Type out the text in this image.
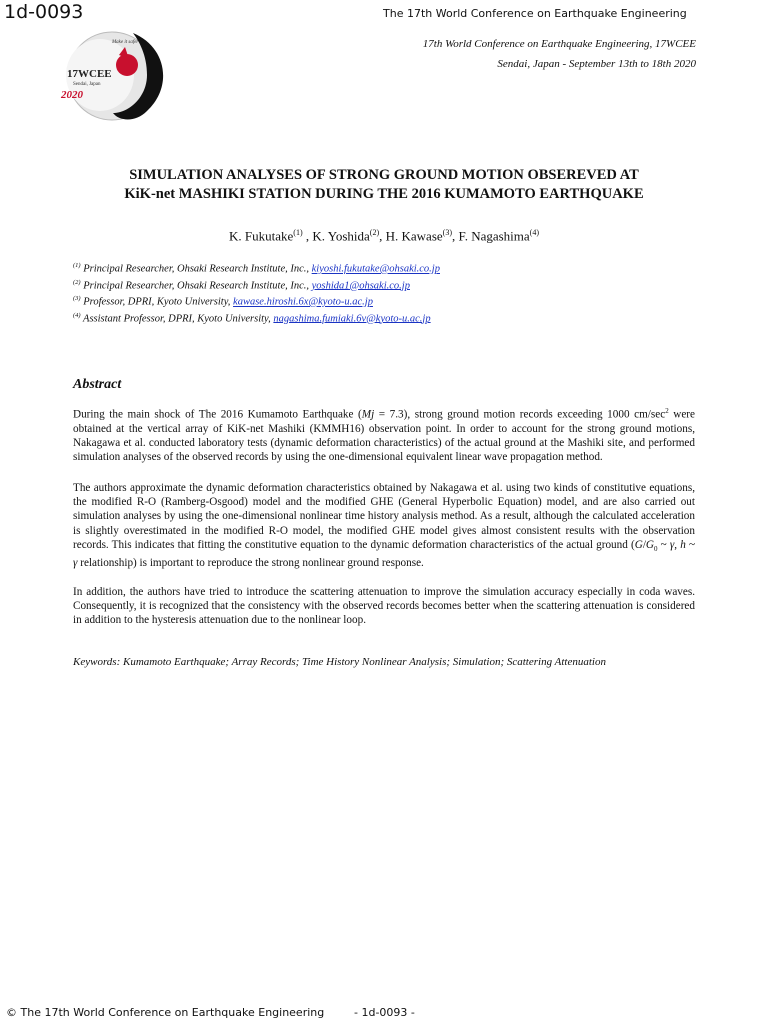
1d-0093	The 17th World Conference on Earthquake Engineering
Make it safer
17WCEE
Sendai, Japan
2020
17th World Conference on Earthquake Engineering, 17WCEE
Sendai, Japan - September 13th to 18th 2020
SIMULATION ANALYSES OF STRONG GROUND MOTION OBSEREVED AT
KiK-net MASHIKI STATION DURING THE 2016 KUMAMOTO EARTHQUAKE
K. Fukutake$^{(1)}$ , K. Yoshida$^{(2)}$, H. Kawase$^{(3)}$, F. Nagashima$^{(4)}$
$^{(1)}$ Principal Researcher, Ohsaki Research Institute, Inc., kiyoshi.fukutake@ohsaki.co.jp
$^{(2)}$ Principal Researcher, Ohsaki Research Institute, Inc., yoshida1@ohsaki.co.jp
$^{(3)}$ Professor, DPRI, Kyoto University, kawase.hiroshi.6x@kyoto-u.ac.jp
$^{(4)}$ Assistant Professor, DPRI, Kyoto University, nagashima.fumiaki.6v@kyoto-u.ac.jp
Abstract

During the main shock of The 2016 Kumamoto Earthquake (Mj = 7.3), strong ground motion records exceeding 1000 $cm/\sec^2$ were obtained at the vertical array of KiK-net Mashiki (KMMH16) observation point. In order to account for the strong ground motions, Nakagawa et al. conducted laboratory tests (dynamic deformation characteristics) of the actual ground at the Mashiki site, and performed simulation analyses of the observed records by using the one-dimensional equivalent linear wave propagation method.

The authors approximate the dynamic deformation characteristics obtained by Nakagawa et al. using two kinds of constitutive equations, the modified R-O (Ramberg-Osgood) model and the modified GHE (General Hyperbolic Equation) model, and are also carried out simulation analyses by using the one-dimensional nonlinear time history analysis method. As a result, although the calculated acceleration is slightly overestimated in the modified R-O model, the modified GHE model gives almost consistent results with the observation records. This indicates that fitting the constitutive equation to the dynamic deformation characteristics of the actual ground ($G/G_0$ ~ γ, h ~ γ relationship) is important to reproduce the strong nonlinear ground response.

In addition, the authors have tried to introduce the scattering attenuation to improve the simulation accuracy especially in coda waves. Consequently, it is recognized that the consistency with the observed records becomes better when the scattering attenuation is considered in addition to the hysteresis attenuation due to the nonlinear loop.

Keywords: Kumamoto Earthquake; Array Records; Time History Nonlinear Analysis; Simulation; Scattering Attenuation
© The 17th World Conference on Earthquake Engineering	- 1d-0093 -
